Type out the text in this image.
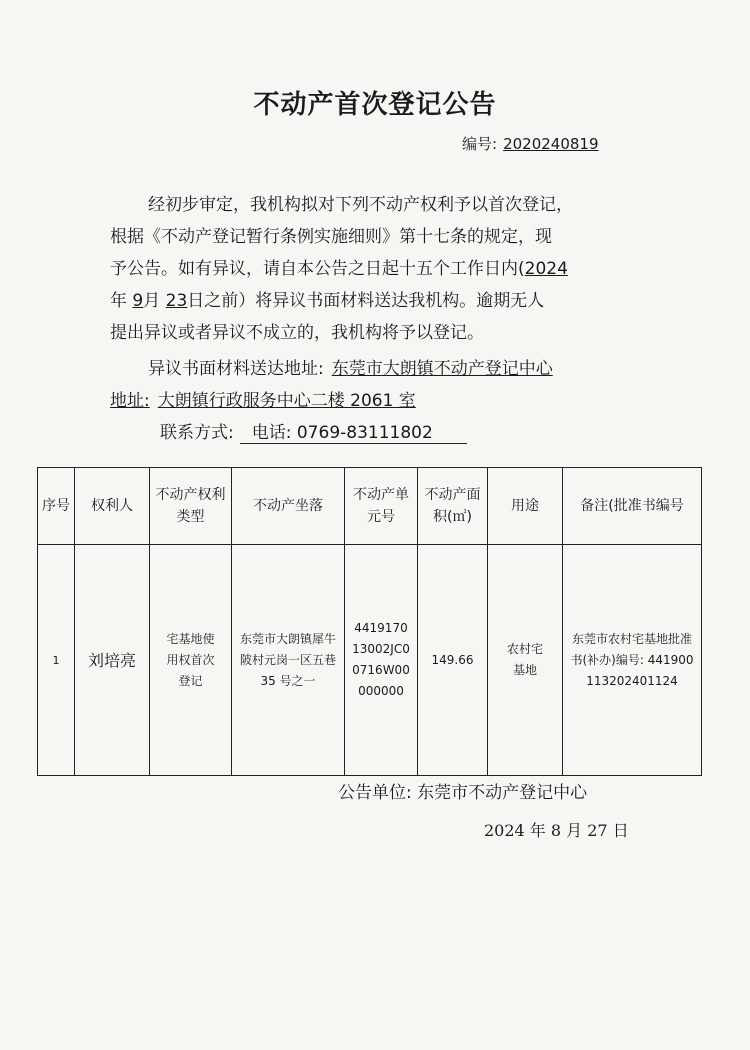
不动产首次登记公告
编号: 2020240819
经初步审定，我机构拟对下列不动产权利予以首次登记，
根据《不动产登记暂行条例实施细则》第十七条的规定，现
予公告。如有异议，请自本公告之日起十五个工作日内(2024
年 9月 23日之前）将异议书面材料送达我机构。逾期无人
提出异议或者异议不成立的，我机构将予以登记。
异议书面材料送达地址: 东莞市大朗镇不动产登记中心
地址: 大朗镇行政服务中心二楼 2061 室
联系方式: 电话: 0769-83111802
序号	权利人	不动产权利类型	不动产坐落	不动产单元号	不动产面积(㎡)	用途	备注(批准书编号
1	刘培亮	宅基地使用权首次登记	东莞市大朗镇犀牛陂村元岗一区五巷 35 号之一	441917013002JC00716W00000000	149.66	农村宅基地	东莞市农村宅基地批准书(补办)编号: 441900113202401124
公告单位: 东莞市不动产登记中心
2024 年 8 月 27 日
